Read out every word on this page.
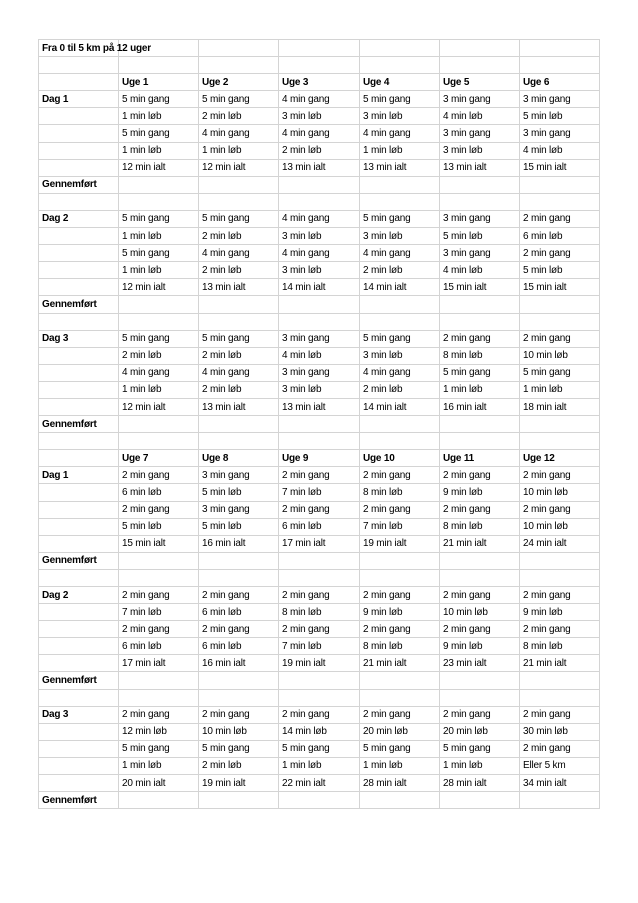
Fra 0 til 5 km på 12 uger						

	Uge 1	Uge 2	Uge 3	Uge 4	Uge 5	Uge 6
Dag 1	5 min gang	5 min gang	4 min gang	5 min gang	3 min gang	3 min gang
	1 min løb	2 min løb	3 min løb	3 min løb	4 min løb	5 min løb
	5 min gang	4 min gang	4 min gang	4 min gang	3 min gang	3 min gang
	1 min løb	1 min løb	2 min løb	1 min løb	3 min løb	4 min løb
	12 min ialt	12 min ialt	13 min ialt	13 min ialt	13 min ialt	15 min ialt
Gennemført						

Dag 2	5 min gang	5 min gang	4 min gang	5 min gang	3 min gang	2 min gang
	1 min løb	2 min løb	3 min løb	3 min løb	5 min løb	6 min løb
	5 min gang	4 min gang	4 min gang	4 min gang	3 min gang	2 min gang
	1 min løb	2 min løb	3 min løb	2 min løb	4 min løb	5 min løb
	12 min ialt	13 min ialt	14 min ialt	14 min ialt	15 min ialt	15 min ialt
Gennemført						

Dag 3	5 min gang	5 min gang	3 min gang	5 min gang	2 min gang	2 min gang
	2 min løb	2 min løb	4 min løb	3 min løb	8 min løb	10 min løb
	4 min gang	4 min gang	3 min gang	4 min gang	5 min gang	5 min gang
	1 min løb	2 min løb	3 min løb	2 min løb	1 min løb	1 min løb
	12 min ialt	13 min ialt	13 min ialt	14 min ialt	16 min ialt	18 min ialt
Gennemført						

	Uge 7	Uge 8	Uge 9	Uge 10	Uge 11	Uge 12
Dag 1	2 min gang	3 min gang	2 min gang	2 min gang	2 min gang	2 min gang
	6 min løb	5 min løb	7 min løb	8 min løb	9 min løb	10 min løb
	2 min gang	3 min gang	2 min gang	2 min gang	2 min gang	2 min gang
	5 min løb	5 min løb	6 min løb	7 min løb	8 min løb	10 min løb
	15 min ialt	16 min ialt	17 min ialt	19 min ialt	21 min ialt	24 min ialt
Gennemført						

Dag 2	2 min gang	2 min gang	2 min gang	2 min gang	2 min gang	2 min gang
	7 min løb	6 min løb	8 min løb	9 min løb	10 min løb	9 min løb
	2 min gang	2 min gang	2 min gang	2 min gang	2 min gang	2 min gang
	6 min løb	6 min løb	7 min løb	8 min løb	9 min løb	8 min løb
	17 min ialt	16 min ialt	19 min ialt	21 min ialt	23 min ialt	21 min ialt
Gennemført						

Dag 3	2 min gang	2 min gang	2 min gang	2 min gang	2 min gang	2 min gang
	12 min løb	10 min løb	14 min løb	20 min løb	20 min løb	30 min løb
	5 min gang	5 min gang	5 min gang	5 min gang	5 min gang	2 min gang
	1 min løb	2 min løb	1 min løb	1 min løb	1 min løb	Eller 5 km
	20 min ialt	19 min ialt	22 min ialt	28 min ialt	28 min ialt	34 min ialt
Gennemført						
